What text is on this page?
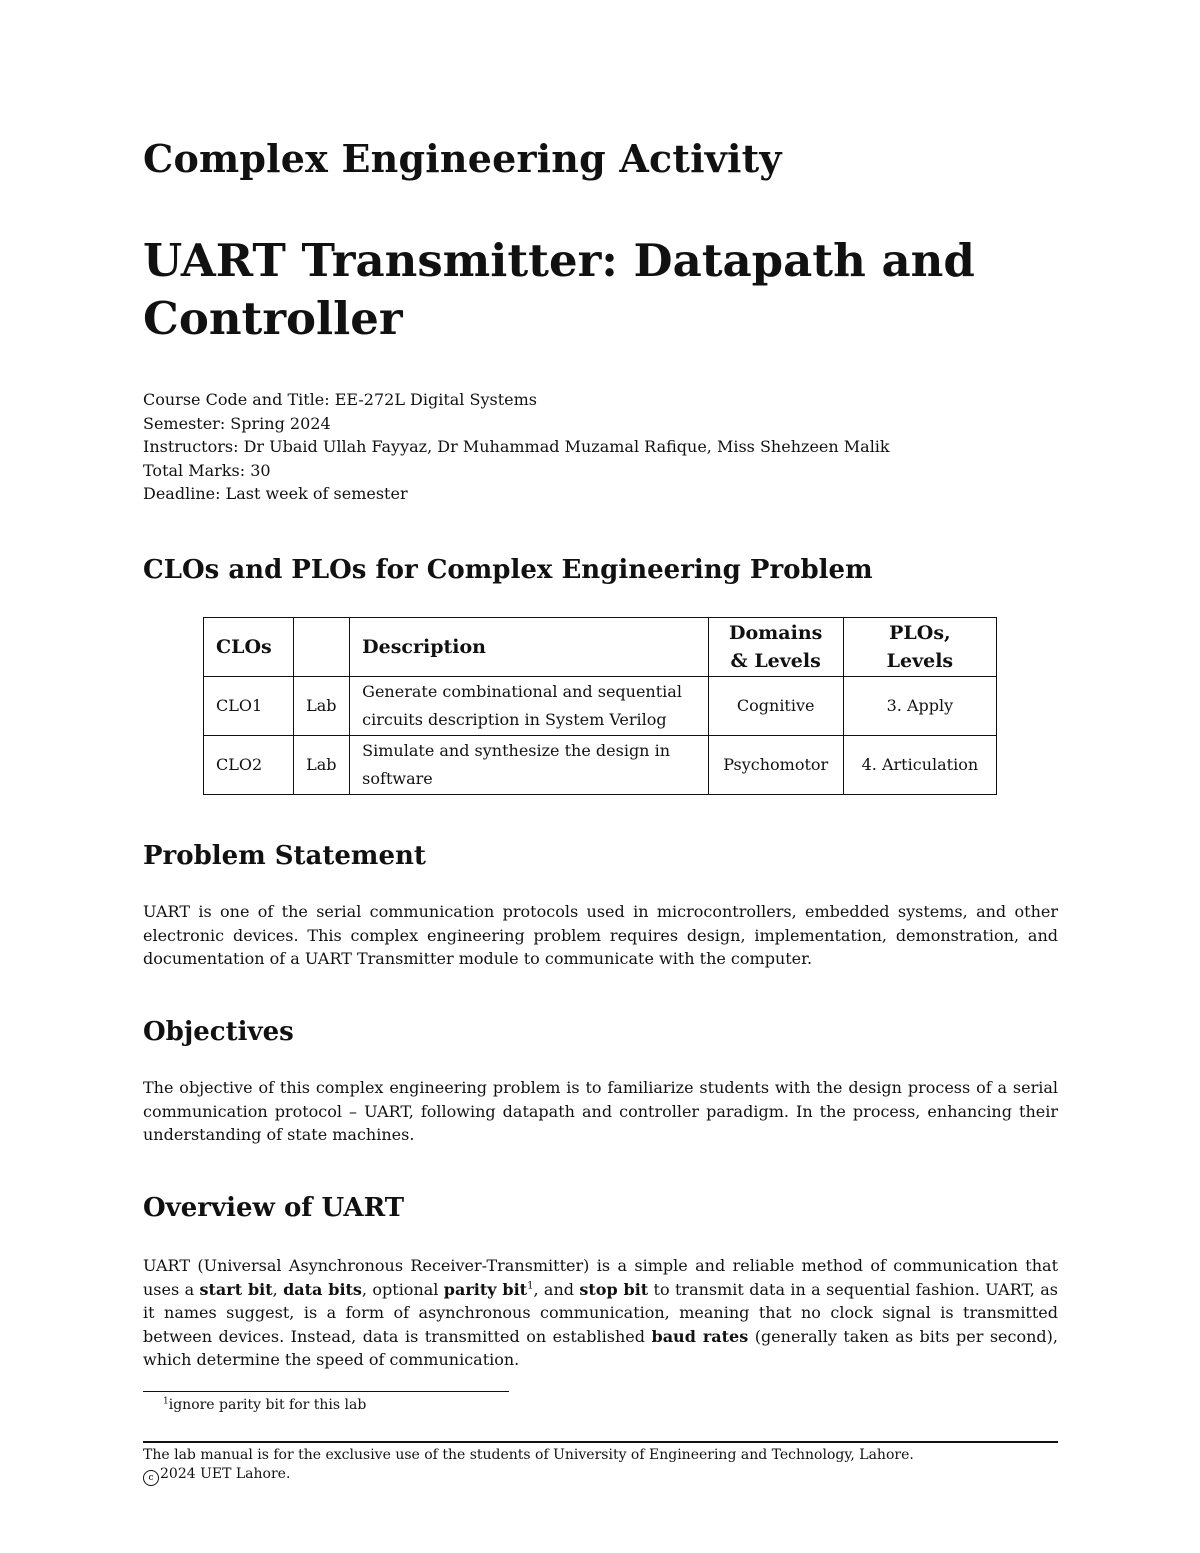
Complex Engineering Activity
UART Transmitter: Datapath and Controller
Course Code and Title: EE-272L Digital Systems
Semester: Spring 2024
Instructors: Dr Ubaid Ullah Fayyaz, Dr Muhammad Muzamal Rafique, Miss Shehzeen Malik
Total Marks: 30
Deadline: Last week of semester
CLOs and PLOs for Complex Engineering Problem
CLOs		Description	Domains & Levels	PLOs, Levels
CLO1	Lab	Generate combinational and sequential circuits description in System Verilog	Cognitive	3. Apply
CLO2	Lab	Simulate and synthesize the design in software	Psychomotor	4. Articulation
Problem Statement

UART is one of the serial communication protocols used in microcontrollers, embedded systems, and other electronic devices. This complex engineering problem requires design, implementation, demonstration, and documentation of a UART Transmitter module to communicate with the computer.

Objectives

The objective of this complex engineering problem is to familiarize students with the design process of a serial communication protocol – UART, following datapath and controller paradigm. In the process, enhancing their understanding of state machines.

Overview of UART

UART (Universal Asynchronous Receiver-Transmitter) is a simple and reliable method of communication that uses a start bit, data bits, optional parity bit$^1$, and stop bit to transmit data in a sequential fashion. UART, as it names suggest, is a form of asynchronous communication, meaning that no clock signal is transmitted between devices. Instead, data is transmitted on established baud rates (generally taken as bits per second), which determine the speed of communication.

$^1$ignore parity bit for this lab
The lab manual is for the exclusive use of the students of University of Engineering and Technology, Lahore.
c 2024 UET Lahore.
